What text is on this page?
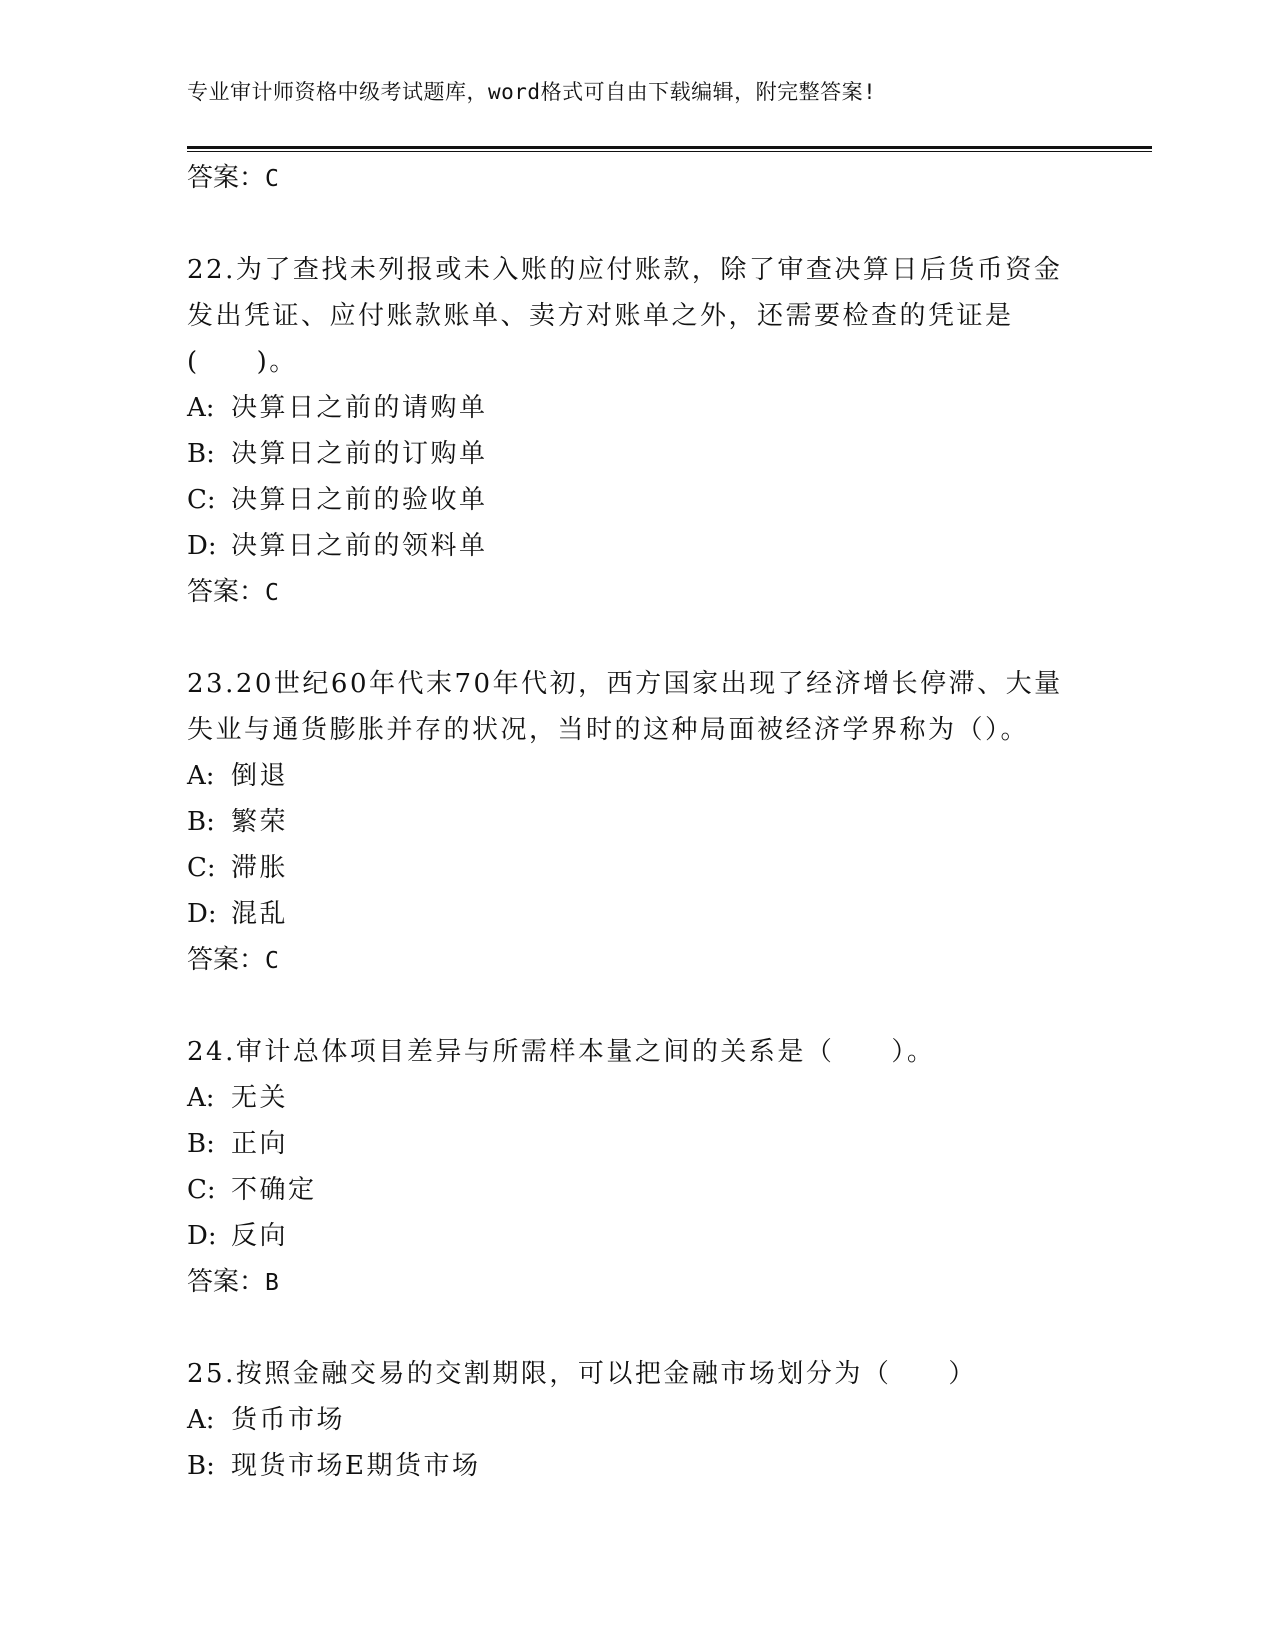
专业审计师资格中级考试题库，word格式可自由下载编辑，附完整答案!
答案：C
22.为了查找未列报或未入账的应付账款，除了审查决算日后货币资金发出凭证、应付账款账单、卖方对账单之外，还需要检查的凭证是(　　)。
A: 决算日之前的请购单
B: 决算日之前的订购单
C: 决算日之前的验收单
D: 决算日之前的领料单
答案：C
23.20世纪60年代末70年代初，西方国家出现了经济增长停滞、大量失业与通货膨胀并存的状况，当时的这种局面被经济学界称为（）。
A: 倒退
B: 繁荣
C: 滞胀
D: 混乱
答案：C
24.审计总体项目差异与所需样本量之间的关系是（　　）。
A: 无关
B: 正向
C: 不确定
D: 反向
答案：B
25.按照金融交易的交割期限，可以把金融市场划分为（　　）
A: 货币市场
B: 现货市场E期货市场
